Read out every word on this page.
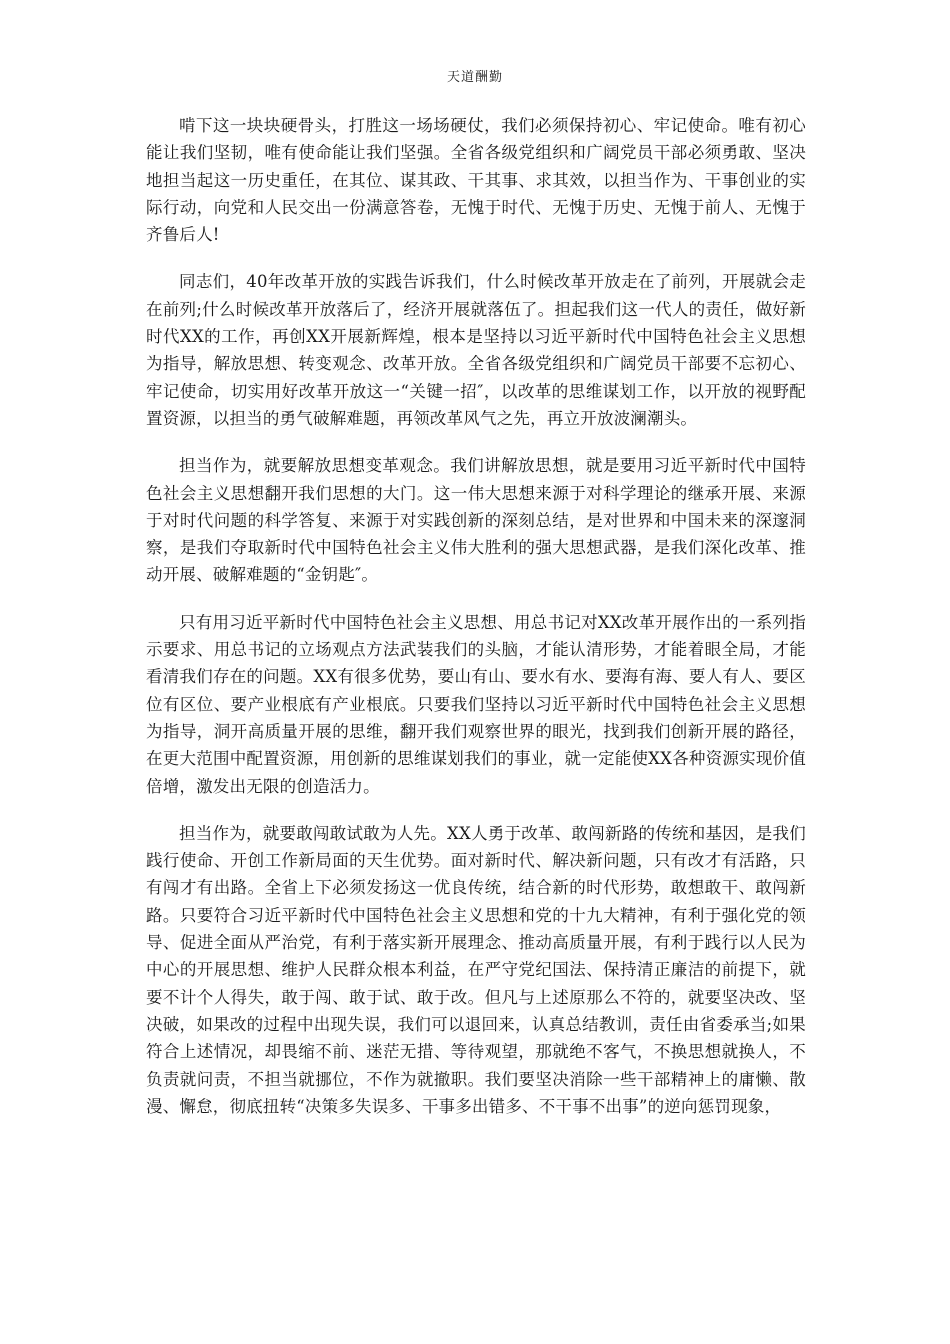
天道酬勤

啃下这一块块硬骨头，打胜这一场场硬仗，我们必须保持初心、牢记使命。唯有初心能让我们坚韧，唯有使命能让我们坚强。全省各级党组织和广阔党员干部必须勇敢、坚决地担当起这一历史重任，在其位、谋其政、干其事、求其效，以担当作为、干事创业的实际行动，向党和人民交出一份满意答卷，无愧于时代、无愧于历史、无愧于前人、无愧于齐鲁后人!

同志们，40年改革开放的实践告诉我们，什么时候改革开放走在了前列，开展就会走在前列;什么时候改革开放落后了，经济开展就落伍了。担起我们这一代人的责任，做好新时代XX的工作，再创XX开展新辉煌，根本是坚持以习近平新时代中国特色社会主义思想为指导，解放思想、转变观念、改革开放。全省各级党组织和广阔党员干部要不忘初心、牢记使命，切实用好改革开放这一“关键一招″，以改革的思维谋划工作，以开放的视野配置资源，以担当的勇气破解难题，再领改革风气之先，再立开放波澜潮头。

担当作为，就要解放思想变革观念。我们讲解放思想，就是要用习近平新时代中国特色社会主义思想翻开我们思想的大门。这一伟大思想来源于对科学理论的继承开展、来源于对时代问题的科学答复、来源于对实践创新的深刻总结，是对世界和中国未来的深邃洞察，是我们夺取新时代中国特色社会主义伟大胜利的强大思想武器，是我们深化改革、推动开展、破解难题的“金钥匙″。

只有用习近平新时代中国特色社会主义思想、用总书记对XX改革开展作出的一系列指示要求、用总书记的立场观点方法武装我们的头脑，才能认清形势，才能着眼全局，才能看清我们存在的问题。XX有很多优势，要山有山、要水有水、要海有海、要人有人、要区位有区位、要产业根底有产业根底。只要我们坚持以习近平新时代中国特色社会主义思想为指导，洞开高质量开展的思维，翻开我们观察世界的眼光，找到我们创新开展的路径，在更大范围中配置资源，用创新的思维谋划我们的事业，就一定能使XX各种资源实现价值倍增，激发出无限的创造活力。

担当作为，就要敢闯敢试敢为人先。XX人勇于改革、敢闯新路的传统和基因，是我们践行使命、开创工作新局面的天生优势。面对新时代、解决新问题，只有改才有活路，只有闯才有出路。全省上下必须发扬这一优良传统，结合新的时代形势，敢想敢干、敢闯新路。只要符合习近平新时代中国特色社会主义思想和党的十九大精神，有利于强化党的领导、促进全面从严治党，有利于落实新开展理念、推动高质量开展，有利于践行以人民为中心的开展思想、维护人民群众根本利益，在严守党纪国法、保持清正廉洁的前提下，就要不计个人得失，敢于闯、敢于试、敢于改。但凡与上述原那么不符的，就要坚决改、坚决破，如果改的过程中出现失误，我们可以退回来，认真总结教训，责任由省委承当;如果符合上述情况，却畏缩不前、迷茫无措、等待观望，那就绝不客气，不换思想就换人，不负责就问责，不担当就挪位，不作为就撤职。我们要坚决消除一些干部精神上的庸懒、散漫、懈怠，彻底扭转“决策多失误多、干事多出错多、不干事不出事”的逆向惩罚现象，
